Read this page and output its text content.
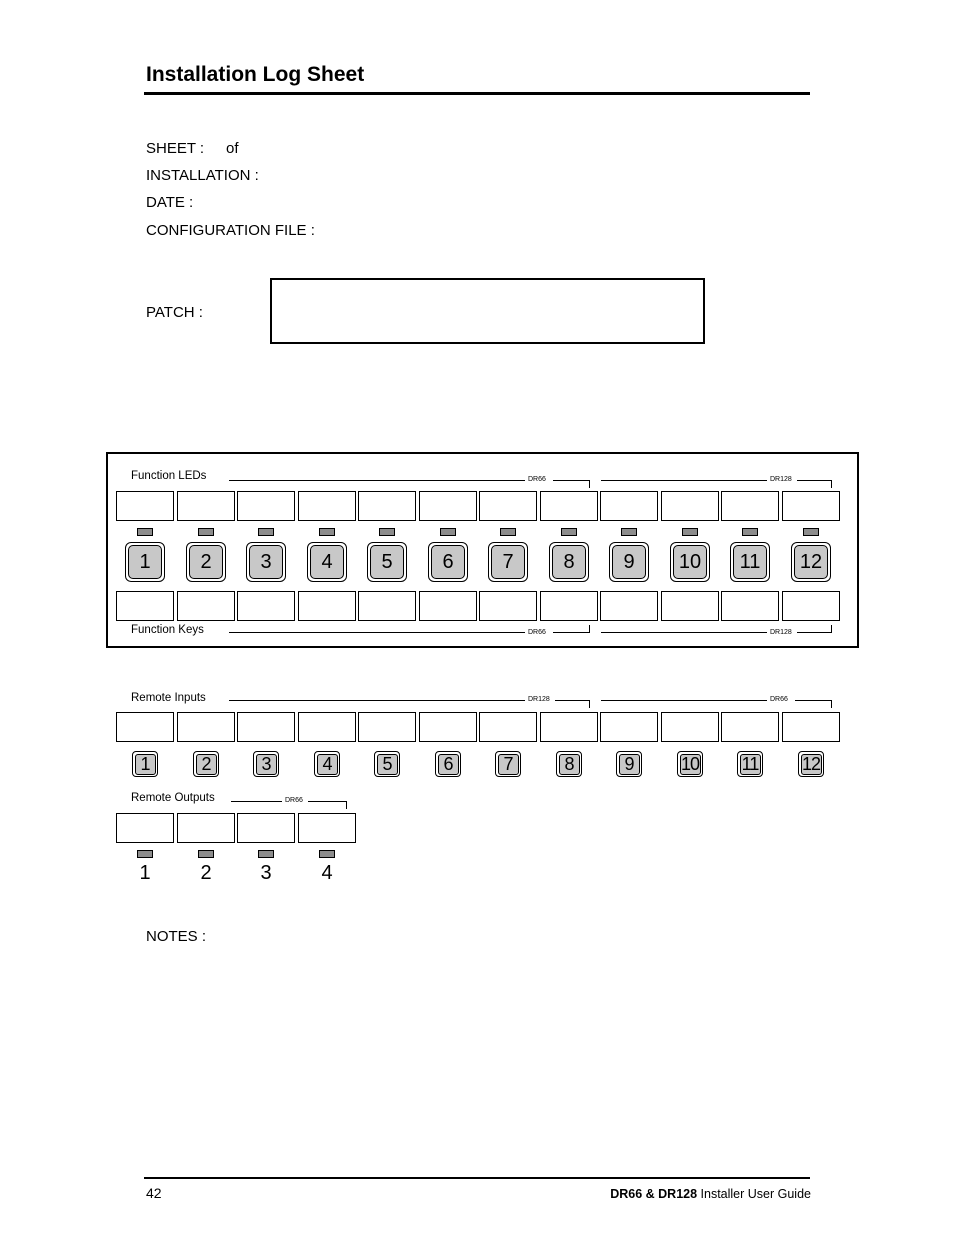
Installation Log Sheet
SHEET : of
INSTALLATION :
DATE :
CONFIGURATION FILE :
PATCH :
Function LEDs	DR66	DR128
1	2	3	4	5	6	7	8	9	10	11	12
Function Keys	DR66	DR128
Remote Inputs	DR128	DR66
1	2	3	4	5	6	7	8	9	10 11 12
Remote Outputs	DR66
1	2	3	4
NOTES :
42	DR66 & DR128 Installer User Guide
